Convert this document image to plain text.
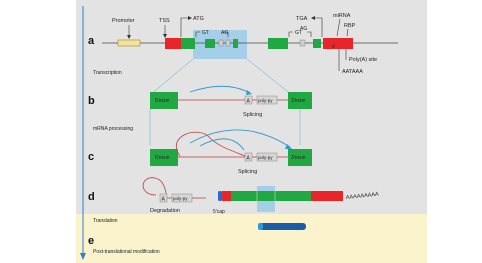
a
b
c
d
e
Transcription
mRNA processing
Translation
Post-translational modification
|||
Promoter	TSS	ATG
GT AG	GT
AG
TGA	miRNA
RBP
Poly(A) site
AATAAA
5'exon	A poly-py	3'exon
Splicing
5'exon	A poly-py	3'exon
Splicing
A poly-py
Degradation	5'cap
AAAAAAAAA
